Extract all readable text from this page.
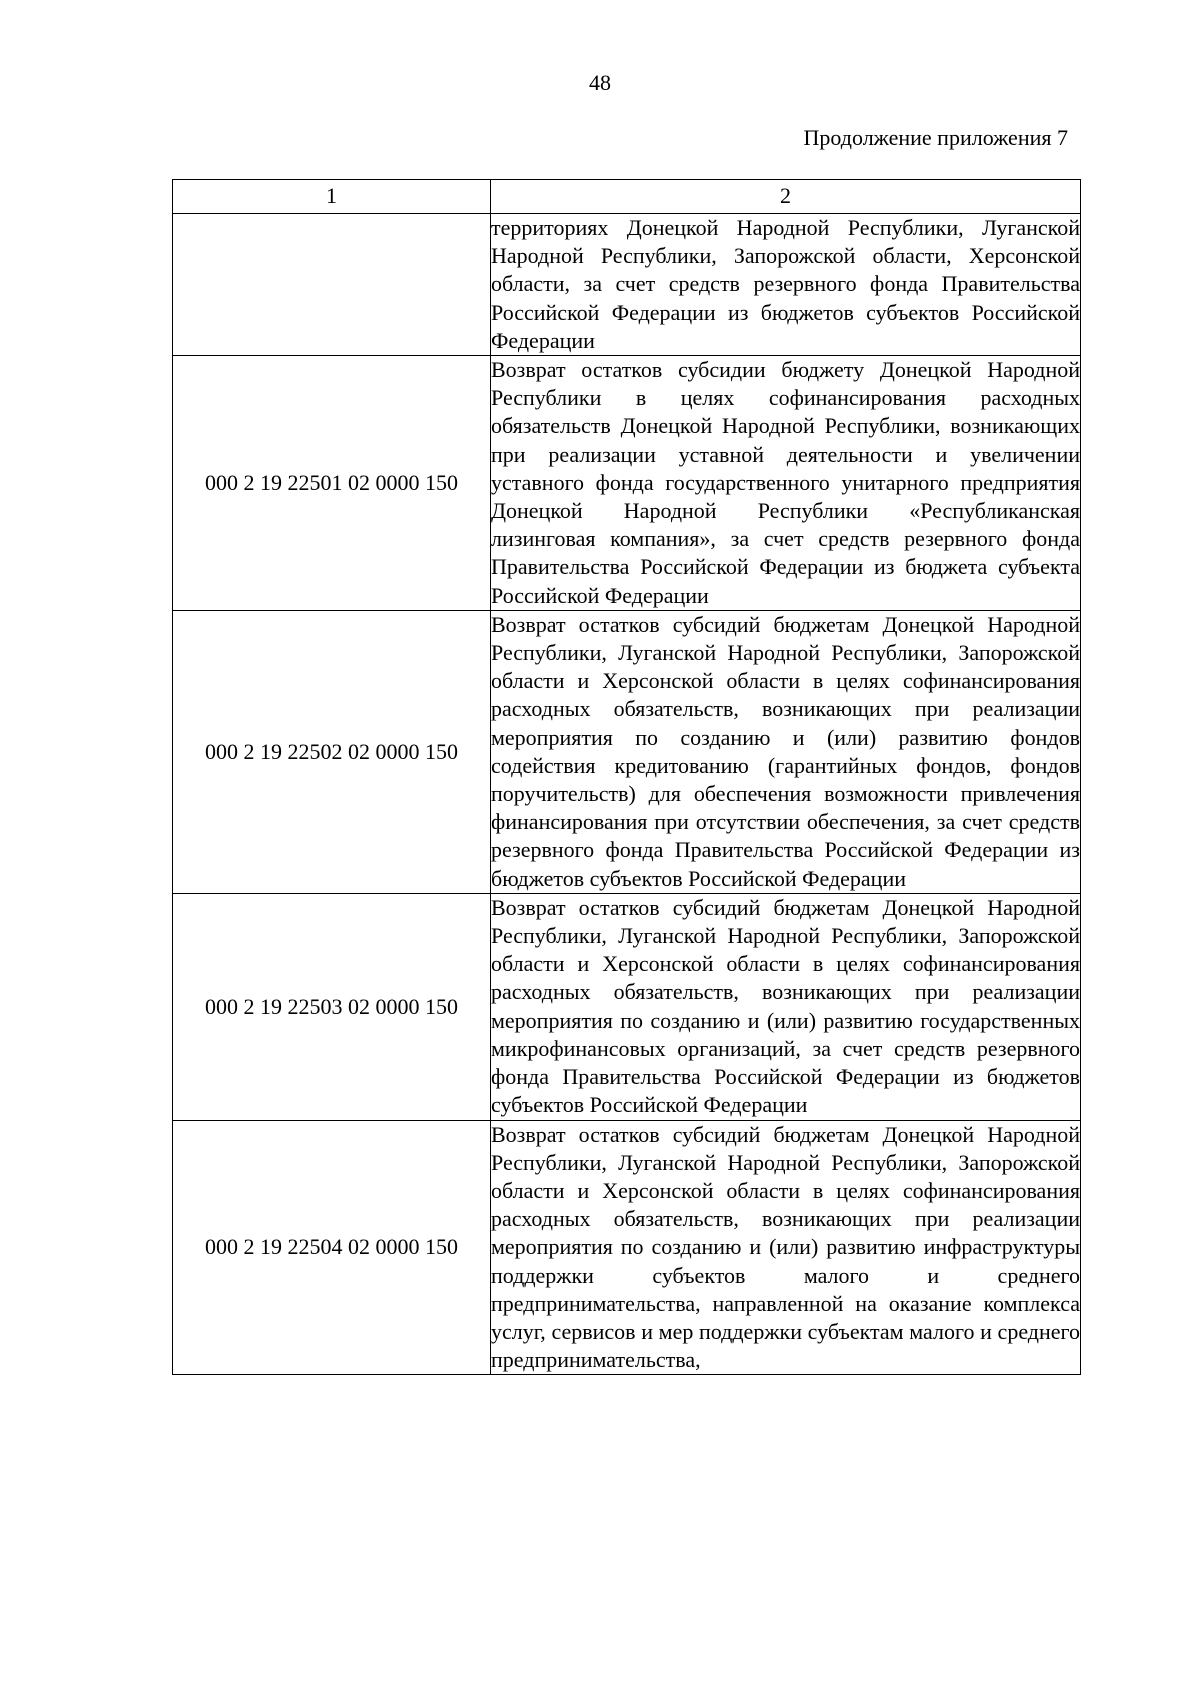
48
Продолжение приложения 7
1	2
	территориях Донецкой Народной Республики, Луганской Народной Республики, Запорожской области, Херсонской области, за счет средств резервного фонда Правительства Российской Федерации из бюджетов субъектов Российской Федерации
000 2 19 22501 02 0000 150	Возврат остатков субсидии бюджету Донецкой Народной Республики в целях софинансирования расходных обязательств Донецкой Народной Республики, возникающих при реализации уставной деятельности и увеличении уставного фонда государственного унитарного предприятия Донецкой Народной Республики «Республиканская лизинговая компания», за счет средств резервного фонда Правительства Российской Федерации из бюджета субъекта Российской Федерации
000 2 19 22502 02 0000 150	Возврат остатков субсидий бюджетам Донецкой Народной Республики, Луганской Народной Республики, Запорожской области и Херсонской области в целях софинансирования расходных обязательств, возникающих при реализации мероприятия по созданию и (или) развитию фондов содействия кредитованию (гарантийных фондов, фондов поручительств) для обеспечения возможности привлечения финансирования при отсутствии обеспечения, за счет средств резервного фонда Правительства Российской Федерации из бюджетов субъектов Российской Федерации
000 2 19 22503 02 0000 150	Возврат остатков субсидий бюджетам Донецкой Народной Республики, Луганской Народной Республики, Запорожской области и Херсонской области в целях софинансирования расходных обязательств, возникающих при реализации мероприятия по созданию и (или) развитию государственных микрофинансовых организаций, за счет средств резервного фонда Правительства Российской Федерации из бюджетов субъектов Российской Федерации
000 2 19 22504 02 0000 150	Возврат остатков субсидий бюджетам Донецкой Народной Республики, Луганской Народной Республики, Запорожской области и Херсонской области в целях софинансирования расходных обязательств, возникающих при реализации мероприятия по созданию и (или) развитию инфраструктуры поддержки субъектов малого и среднего предпринимательства, направленной на оказание комплекса услуг, сервисов и мер поддержки субъектам малого и среднего предпринимательства,
